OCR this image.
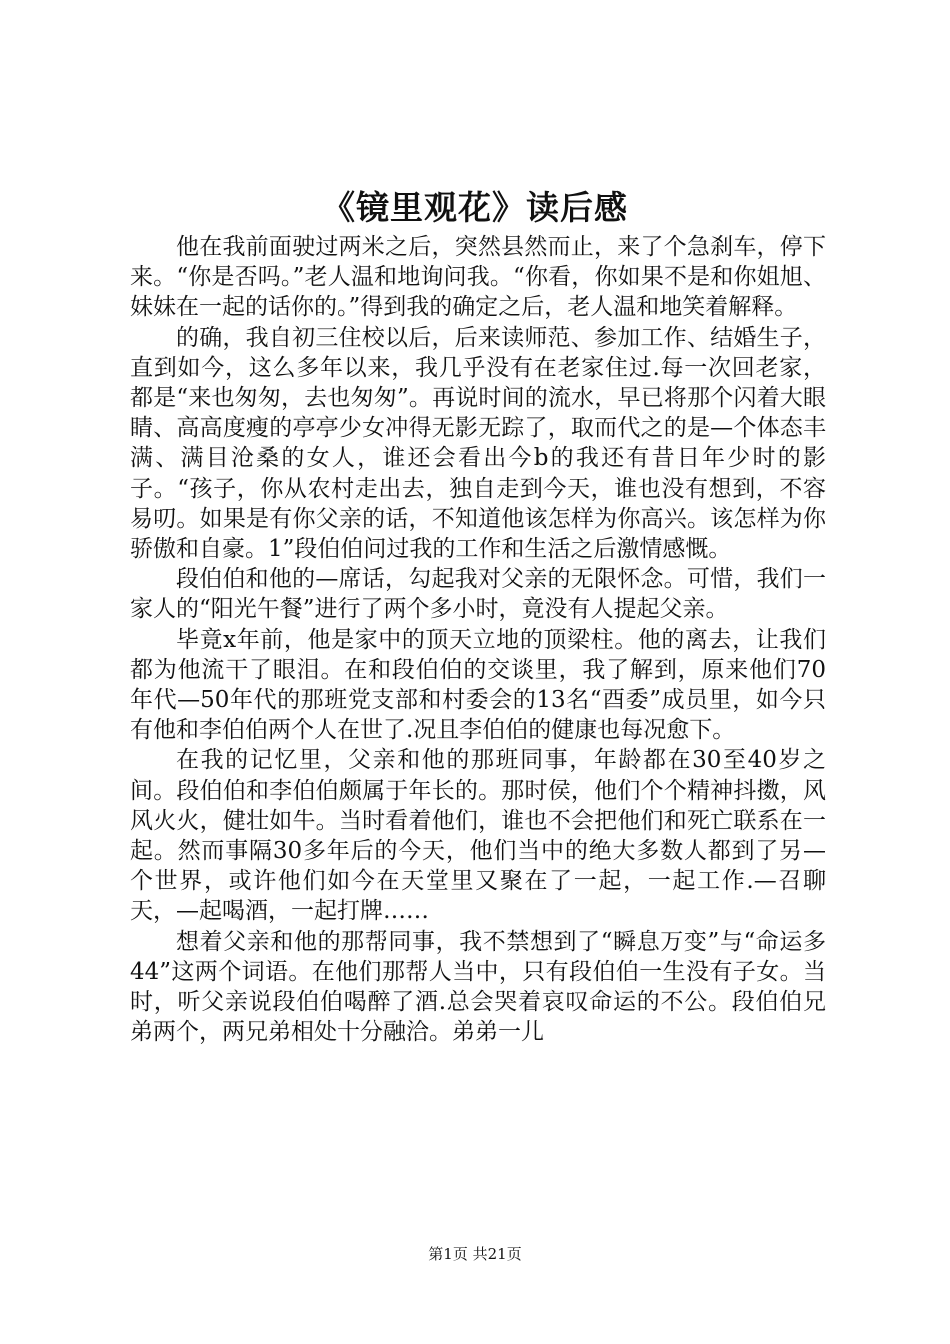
《镜里观花》读后感

他在我前面驶过两米之后，突然县然而止，来了个急刹车，停下来。“你是否吗。”老人温和地询问我。“你看，你如果不是和你姐旭、妹妹在一起的话你的。”得到我的确定之后，老人温和地笑着解释。

的确，我自初三住校以后，后来读师范、参加工作、结婚生子，直到如今，这么多年以来，我几乎没有在老家住过.每一次回老家，都是“来也匆匆，去也匆匆”。再说时间的流水，早已将那个闪着大眼睛、高高度瘦的亭亭少女冲得无影无踪了，取而代之的是—个体态丰满、满目沧桑的女人，谁还会看出今b的我还有昔日年少时的影子。“孩子，你从农村走出去，独自走到今天，谁也没有想到，不容易叨。如果是有你父亲的话，不知道他该怎样为你高兴。该怎样为你骄傲和自豪。1”段伯伯问过我的工作和生活之后激情感慨。

段伯伯和他的—席话，勾起我对父亲的无限怀念。可惜，我们一家人的“阳光午餐”进行了两个多小时，竟没有人提起父亲。

毕竟x年前，他是家中的顶天立地的顶梁柱。他的离去，让我们都为他流干了眼泪。在和段伯伯的交谈里，我了解到，原来他们70年代—50年代的那班党支部和村委会的13名“酉委”成员里，如今只有他和李伯伯两个人在世了.况且李伯伯的健康也每况愈下。

在我的记忆里，父亲和他的那班同事，年龄都在30至40岁之间。段伯伯和李伯伯颇属于年长的。那时侯，他们个个精神抖擞，风风火火，健壮如牛。当时看着他们，谁也不会把他们和死亡联系在一起。然而事隔30多年后的今天，他们当中的绝大多数人都到了另—个世界，或许他们如今在天堂里又聚在了一起，一起工作.—召聊天，—起喝酒，一起打牌……

想着父亲和他的那帮同事，我不禁想到了“瞬息万变”与“命运多44”这两个词语。在他们那帮人当中，只有段伯伯一生没有子女。当时，听父亲说段伯伯喝醉了酒.总会哭着哀叹命运的不公。段伯伯兄弟两个，两兄弟相处十分融洽。弟弟一儿

第1页 共21页
